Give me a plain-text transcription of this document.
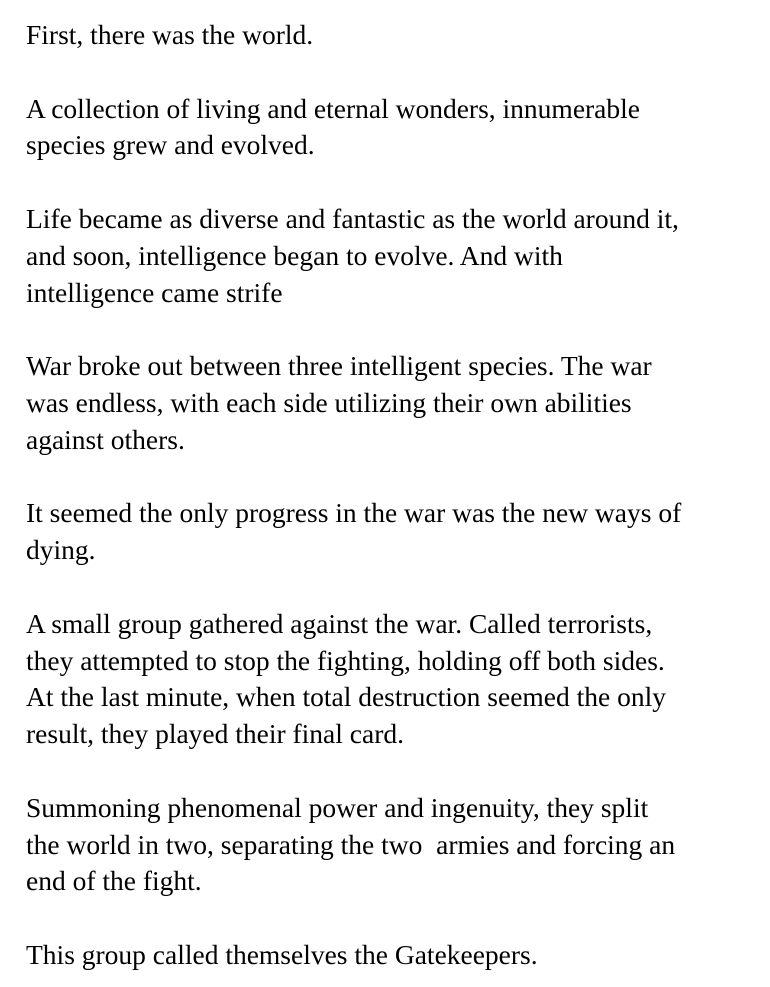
First, there was the world.

A collection of living and eternal wonders, innumerable
species grew and evolved.

Life became as diverse and fantastic as the world around it,
and soon, intelligence began to evolve. And with
intelligence came strife

War broke out between three intelligent species. The war
was endless, with each side utilizing their own abilities
against others.

It seemed the only progress in the war was the new ways of
dying.

A small group gathered against the war. Called terrorists,
they attempted to stop the fighting, holding off both sides.
At the last minute, when total destruction seemed the only
result, they played their final card.

Summoning phenomenal power and ingenuity, they split
the world in two, separating the two  armies and forcing an
end of the fight.

This group called themselves the Gatekeepers.
